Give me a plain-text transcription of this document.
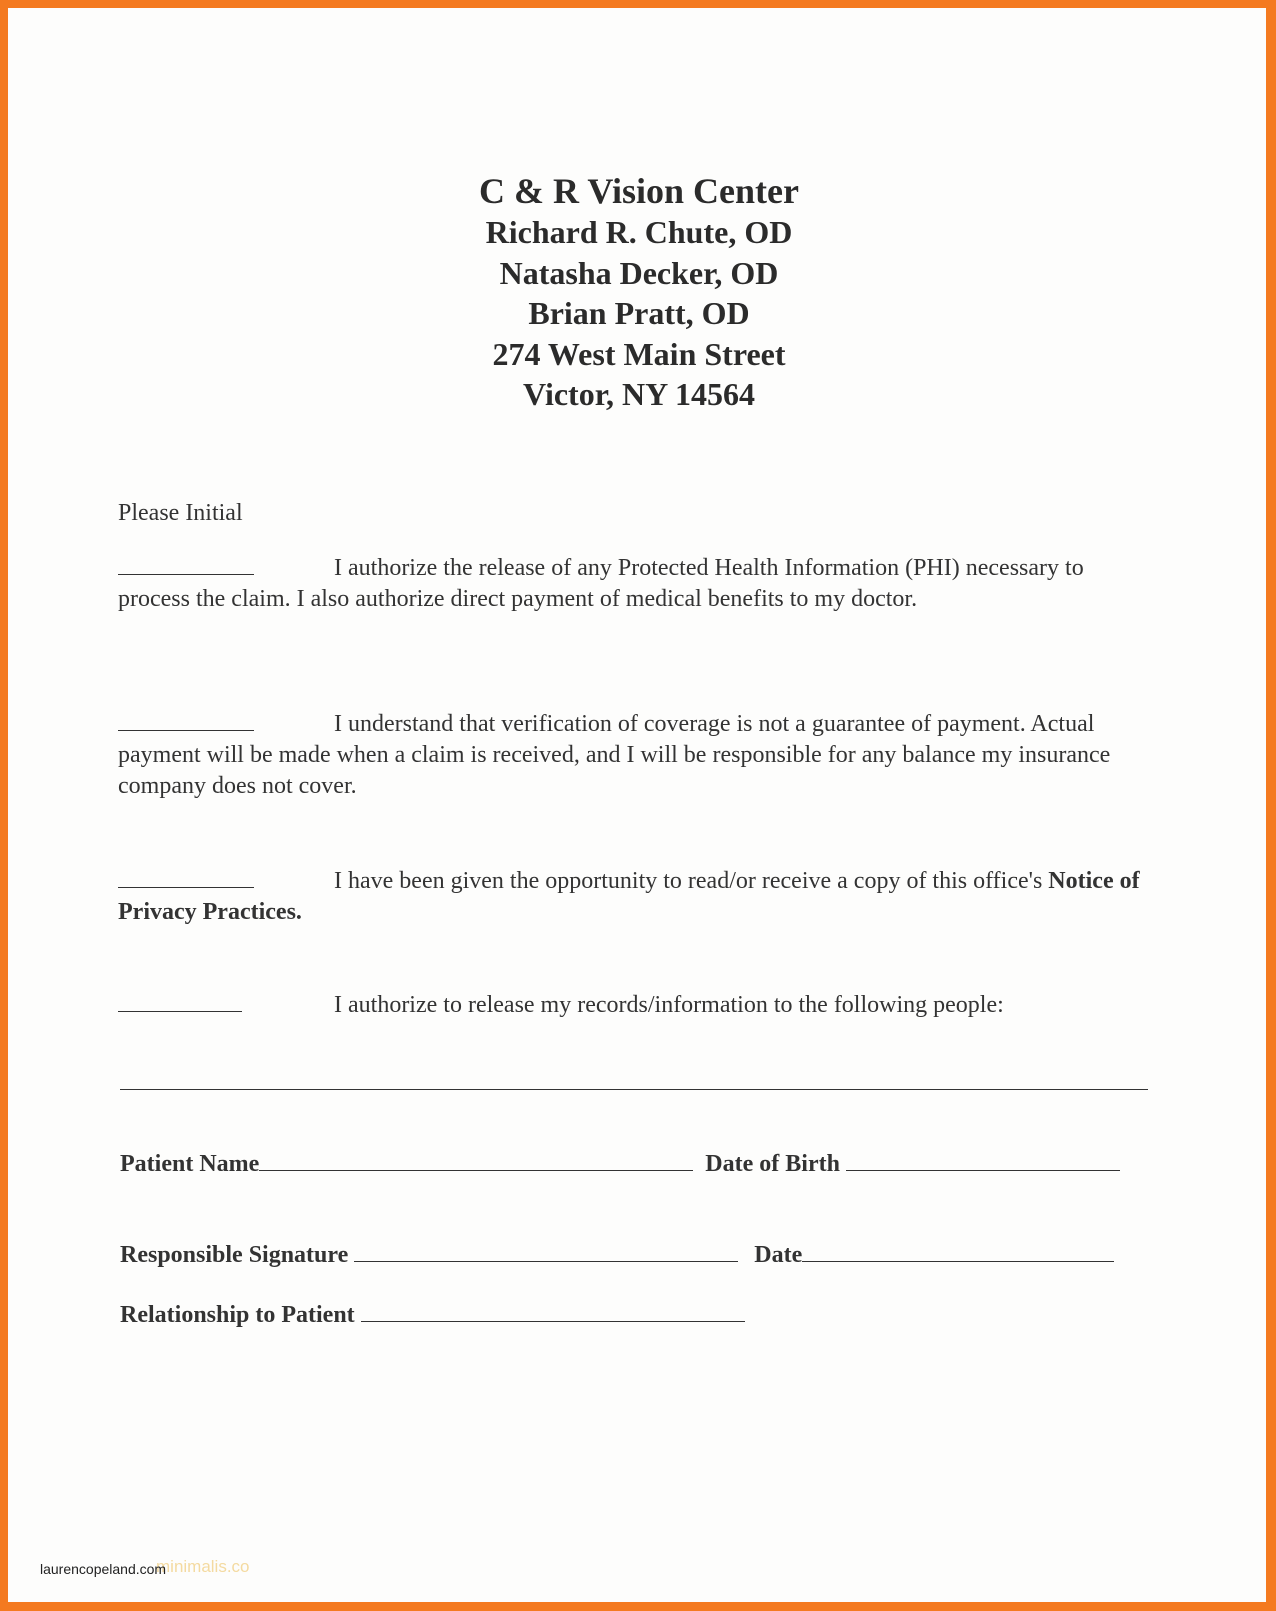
C & R Vision Center
Richard R. Chute, OD
Natasha Decker, OD
Brian Pratt, OD
274 West Main Street
Victor, NY 14564
Please Initial
I authorize the release of any Protected Health Information (PHI) necessary to process the claim. I also authorize direct payment of medical benefits to my doctor.
I understand that verification of coverage is not a guarantee of payment. Actual payment will be made when a claim is received, and I will be responsible for any balance my insurance company does not cover.
I have been given the opportunity to read/or receive a copy of this office's Notice of Privacy Practices.
I authorize to release my records/information to the following people:
Patient Name	Date of Birth
Responsible Signature	Date
Relationship to Patient
minimalis.co
laurencopeland.com
